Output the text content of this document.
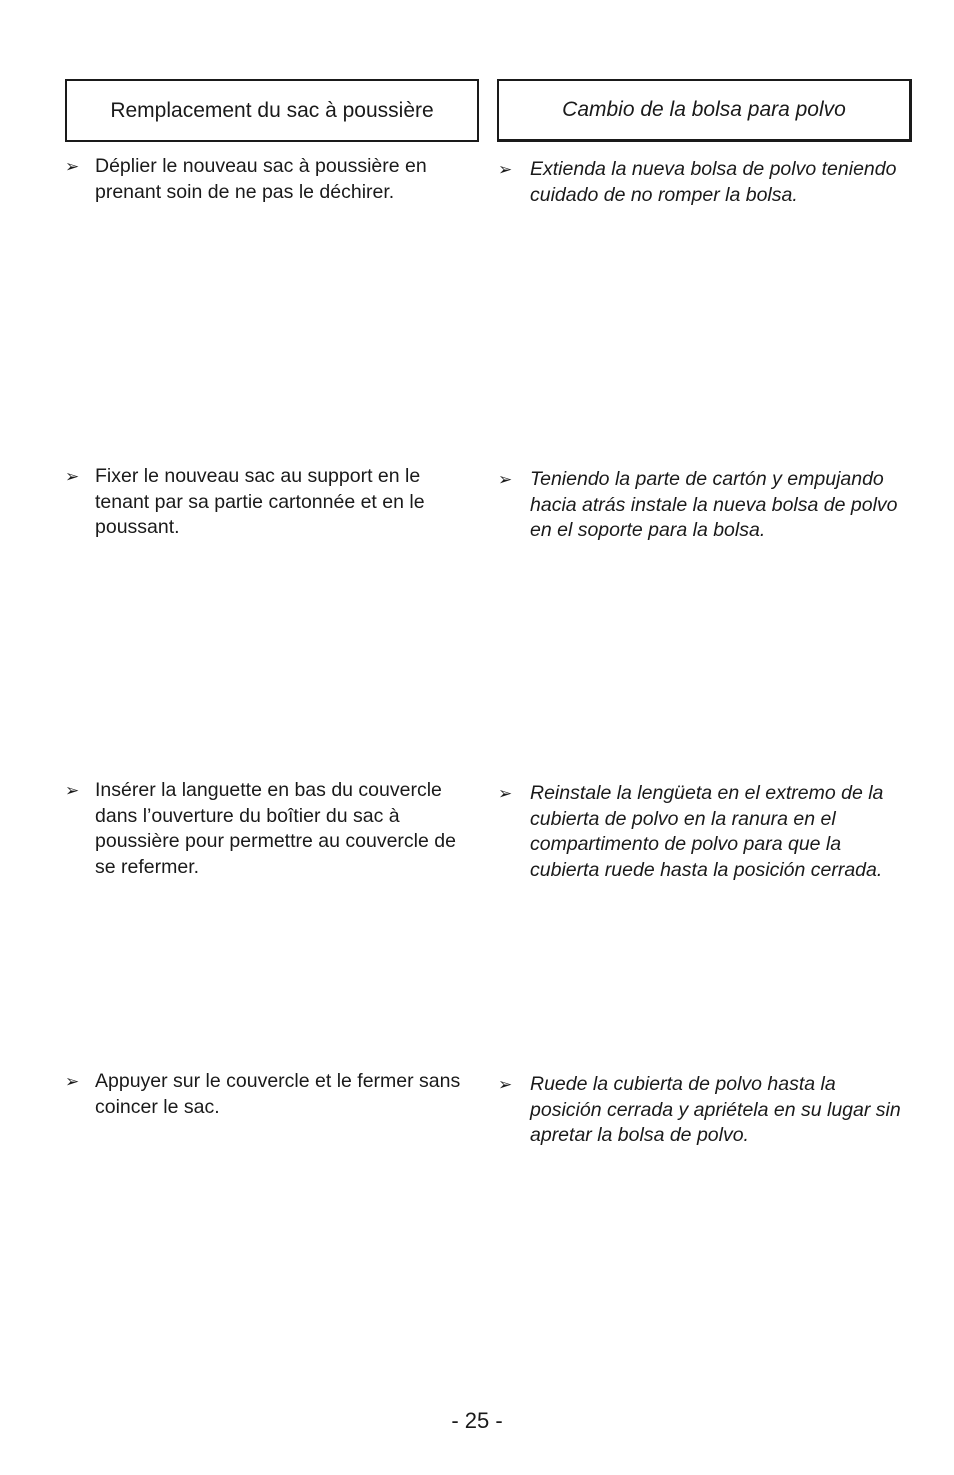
Remplacement du sac à poussière	Cambio de la bolsa para polvo
➢ Déplier le nouveau sac à poussière en prenant soin de ne pas le déchirer.
➢ Fixer le nouveau sac au support en le tenant par sa partie cartonnée et en le poussant.
➢ Insérer la languette en bas du couvercle dans l’ouverture du boîtier du sac à poussière pour permettre au couvercle de se refermer.
➢ Appuyer sur le couvercle et le fermer sans coincer le sac.
➢ Extienda la nueva bolsa de polvo teniendo cuidado de no romper la bolsa.
➢ Teniendo la parte de cartón y empujando hacia atrás instale la nueva bolsa de polvo en el soporte para la bolsa.
➢ Reinstale la lengüeta en el extremo de la cubierta de polvo en la ranura en el compartimento de polvo para que la cubierta ruede hasta la posición cerrada.
➢ Ruede la cubierta de polvo hasta la posición cerrada y apriétela en su lugar sin apretar la bolsa de polvo.
- 25 -
